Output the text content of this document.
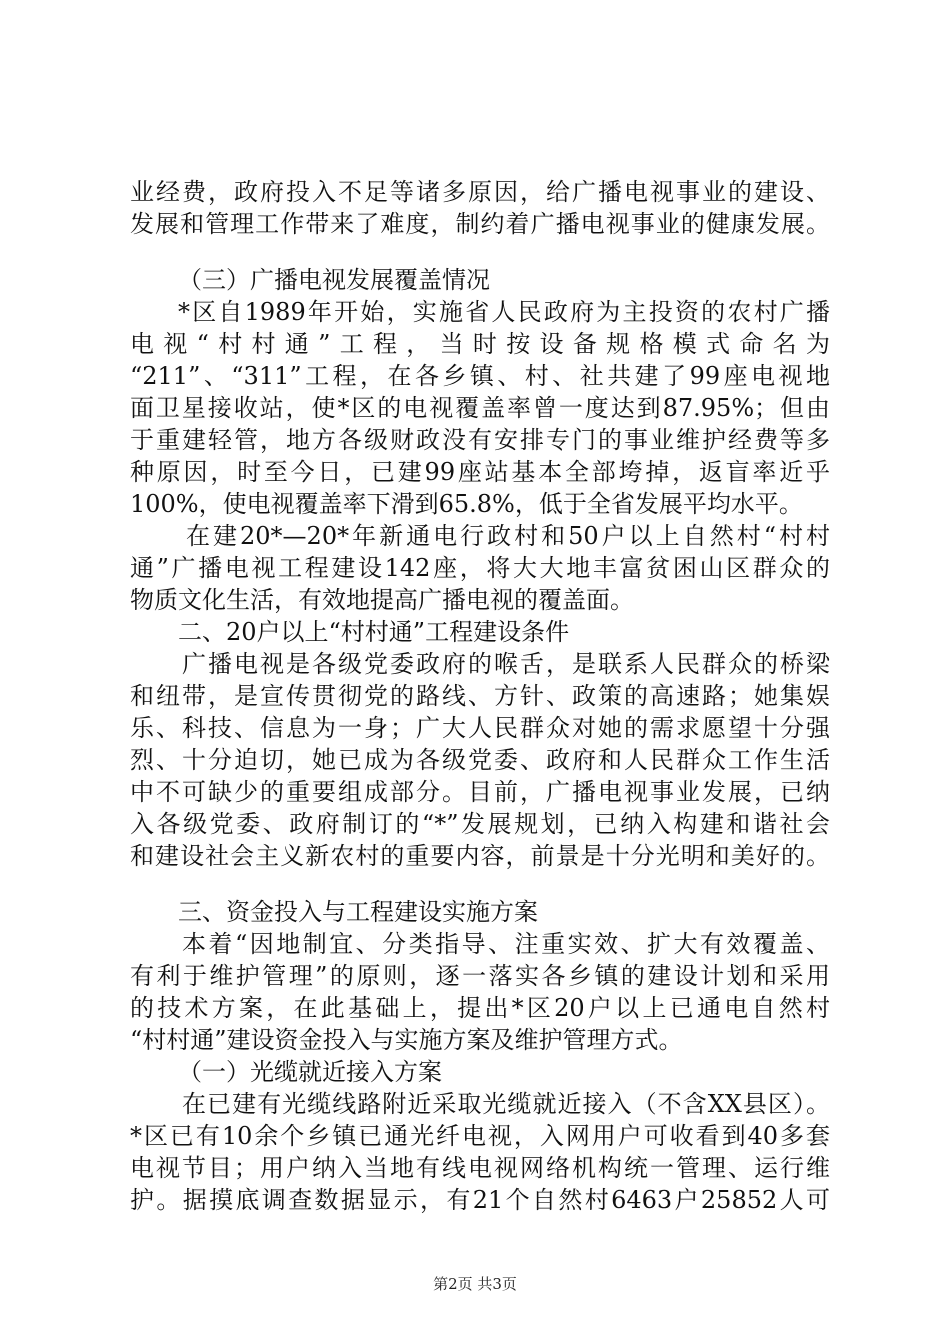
业经费，政府投入不足等诸多原因，给广播电视事业的建设、
发展和管理工作带来了难度，制约着广播电视事业的健康发展。
（三）广播电视发展覆盖情况
*区自1989年开始，实施省人民政府为主投资的农村广播
电视“村村通”工程，当时按设备规格模式命名为
“211”、“311”工程，在各乡镇、村、社共建了99座电视地
面卫星接收站，使*区的电视覆盖率曾一度达到87.95%；但由
于重建轻管，地方各级财政没有安排专门的事业维护经费等多
种原因，时至今日，已建99座站基本全部垮掉，返盲率近乎
100%，使电视覆盖率下滑到65.8%，低于全省发展平均水平。
在建20*—20*年新通电行政村和50户以上自然村“村村
通”广播电视工程建设142座，将大大地丰富贫困山区群众的
物质文化生活，有效地提高广播电视的覆盖面。
二、20户以上“村村通”工程建设条件
广播电视是各级党委政府的喉舌，是联系人民群众的桥梁
和纽带，是宣传贯彻党的路线、方针、政策的高速路；她集娱
乐、科技、信息为一身；广大人民群众对她的需求愿望十分强
烈、十分迫切，她已成为各级党委、政府和人民群众工作生活
中不可缺少的重要组成部分。目前，广播电视事业发展，已纳
入各级党委、政府制订的“*”发展规划，已纳入构建和谐社会
和建设社会主义新农村的重要内容，前景是十分光明和美好的。
三、资金投入与工程建设实施方案
本着“因地制宜、分类指导、注重实效、扩大有效覆盖、
有利于维护管理”的原则，逐一落实各乡镇的建设计划和采用
的技术方案，在此基础上，提出*区20户以上已通电自然村
“村村通”建设资金投入与实施方案及维护管理方式。
（一）光缆就近接入方案
在已建有光缆线路附近采取光缆就近接入（不含XX县区）。
*区已有10余个乡镇已通光纤电视，入网用户可收看到40多套
电视节目；用户纳入当地有线电视网络机构统一管理、运行维
护。据摸底调查数据显示，有21个自然村6463户25852人可
第2页 共3页
